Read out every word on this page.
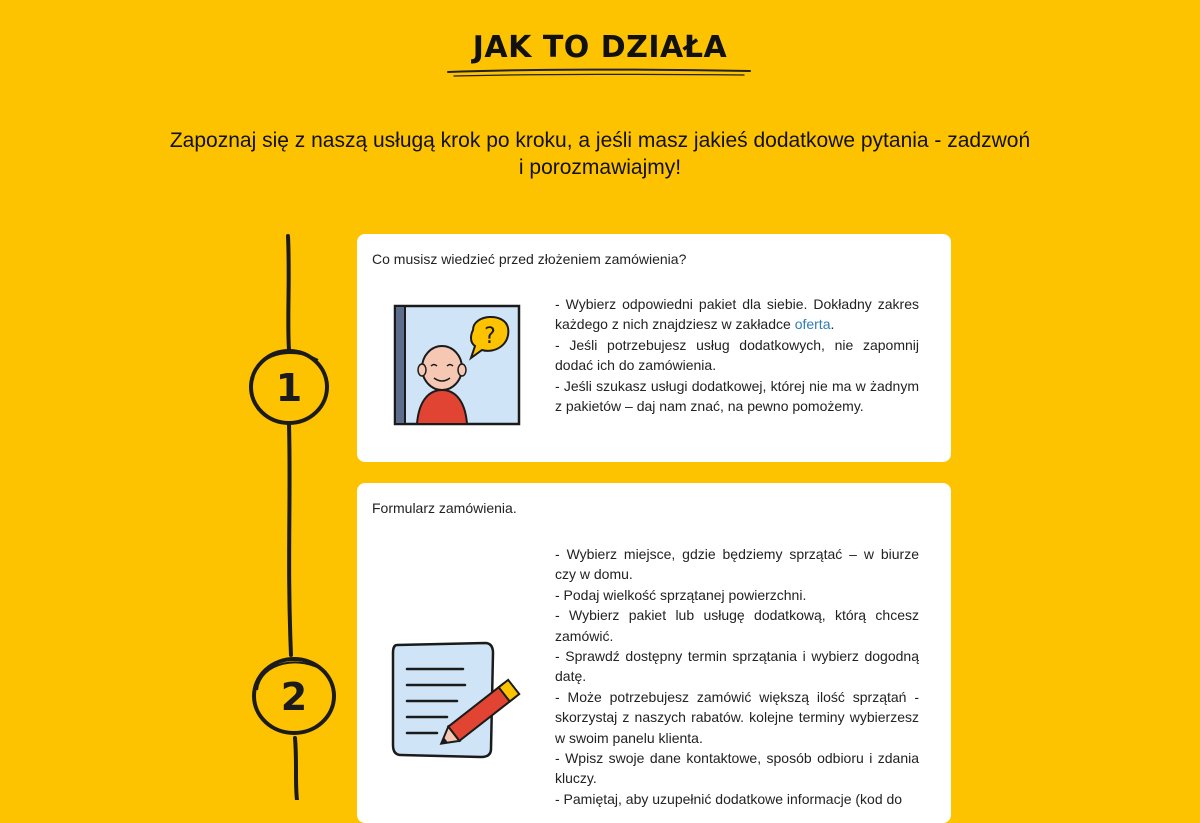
JAK TO DZIAŁA
Zapoznaj się z naszą usługą krok po kroku, a jeśli masz jakieś dodatkowe pytania - zadzwoń
i porozmawiajmy!
1
2
Co musisz wiedzieć przed złożeniem zamówienia?
?

- Wybierz odpowiedni pakiet dla siebie. Dokładny zakres każdego z nich znajdziesz w zakładce oferta.

- Jeśli potrzebujesz usług dodatkowych, nie zapomnij dodać ich do zamówienia.

- Jeśli szukasz usługi dodatkowej, której nie ma w żadnym z pakietów – daj nam znać, na pewno pomożemy.

Formularz zamówienia.

- Wybierz miejsce, gdzie będziemy sprzątać – w biurze czy w domu.

- Podaj wielkość sprzątanej powierzchni.

- Wybierz pakiet lub usługę dodatkową, którą chcesz zamówić.

- Sprawdź dostępny termin sprzątania i wybierz dogodną datę.

- Może potrzebujesz zamówić większą ilość sprzątań - skorzystaj z naszych rabatów. kolejne terminy wybierzesz w swoim panelu klienta.

- Wpisz swoje dane kontaktowe, sposób odbioru i zdania kluczy.

- Pamiętaj, aby uzupełnić dodatkowe informacje (kod do
